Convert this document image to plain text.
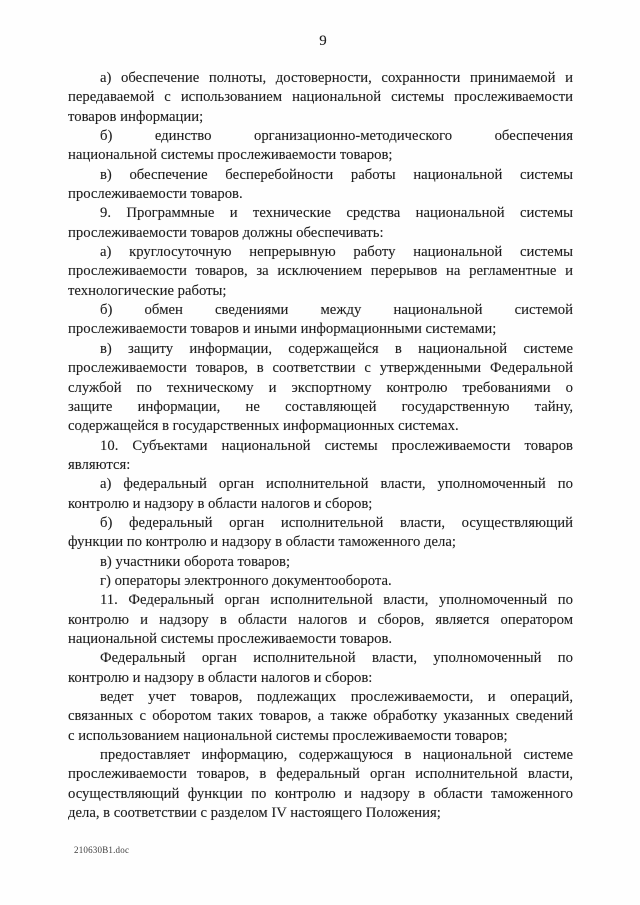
9
а) обеспечение полноты, достоверности, сохранности принимаемой и
передаваемой с использованием национальной системы прослеживаемости
товаров информации;
б) единство организационно-методического обеспечения
национальной системы прослеживаемости товаров;
в) обеспечение бесперебойности работы национальной системы
прослеживаемости товаров.
9. Программные и технические средства национальной системы
прослеживаемости товаров должны обеспечивать:
а) круглосуточную непрерывную работу национальной системы
прослеживаемости товаров, за исключением перерывов на регламентные и
технологические работы;
б) обмен сведениями между национальной системой
прослеживаемости товаров и иными информационными системами;
в) защиту информации, содержащейся в национальной системе
прослеживаемости товаров, в соответствии с утвержденными Федеральной
службой по техническому и экспортному контролю требованиями о
защите информации, не составляющей государственную тайну,
содержащейся в государственных информационных системах.
10. Субъектами национальной системы прослеживаемости товаров
являются:
а) федеральный орган исполнительной власти, уполномоченный по
контролю и надзору в области налогов и сборов;
б) федеральный орган исполнительной власти, осуществляющий
функции по контролю и надзору в области таможенного дела;
в) участники оборота товаров;
г) операторы электронного документооборота.
11. Федеральный орган исполнительной власти, уполномоченный по
контролю и надзору в области налогов и сборов, является оператором
национальной системы прослеживаемости товаров.
Федеральный орган исполнительной власти, уполномоченный по
контролю и надзору в области налогов и сборов:
ведет учет товаров, подлежащих прослеживаемости, и операций,
связанных с оборотом таких товаров, а также обработку указанных сведений
с использованием национальной системы прослеживаемости товаров;
предоставляет информацию, содержащуюся в национальной системе
прослеживаемости товаров, в федеральный орган исполнительной власти,
осуществляющий функции по контролю и надзору в области таможенного
дела, в соответствии с разделом IV настоящего Положения;
210630B1.doc
